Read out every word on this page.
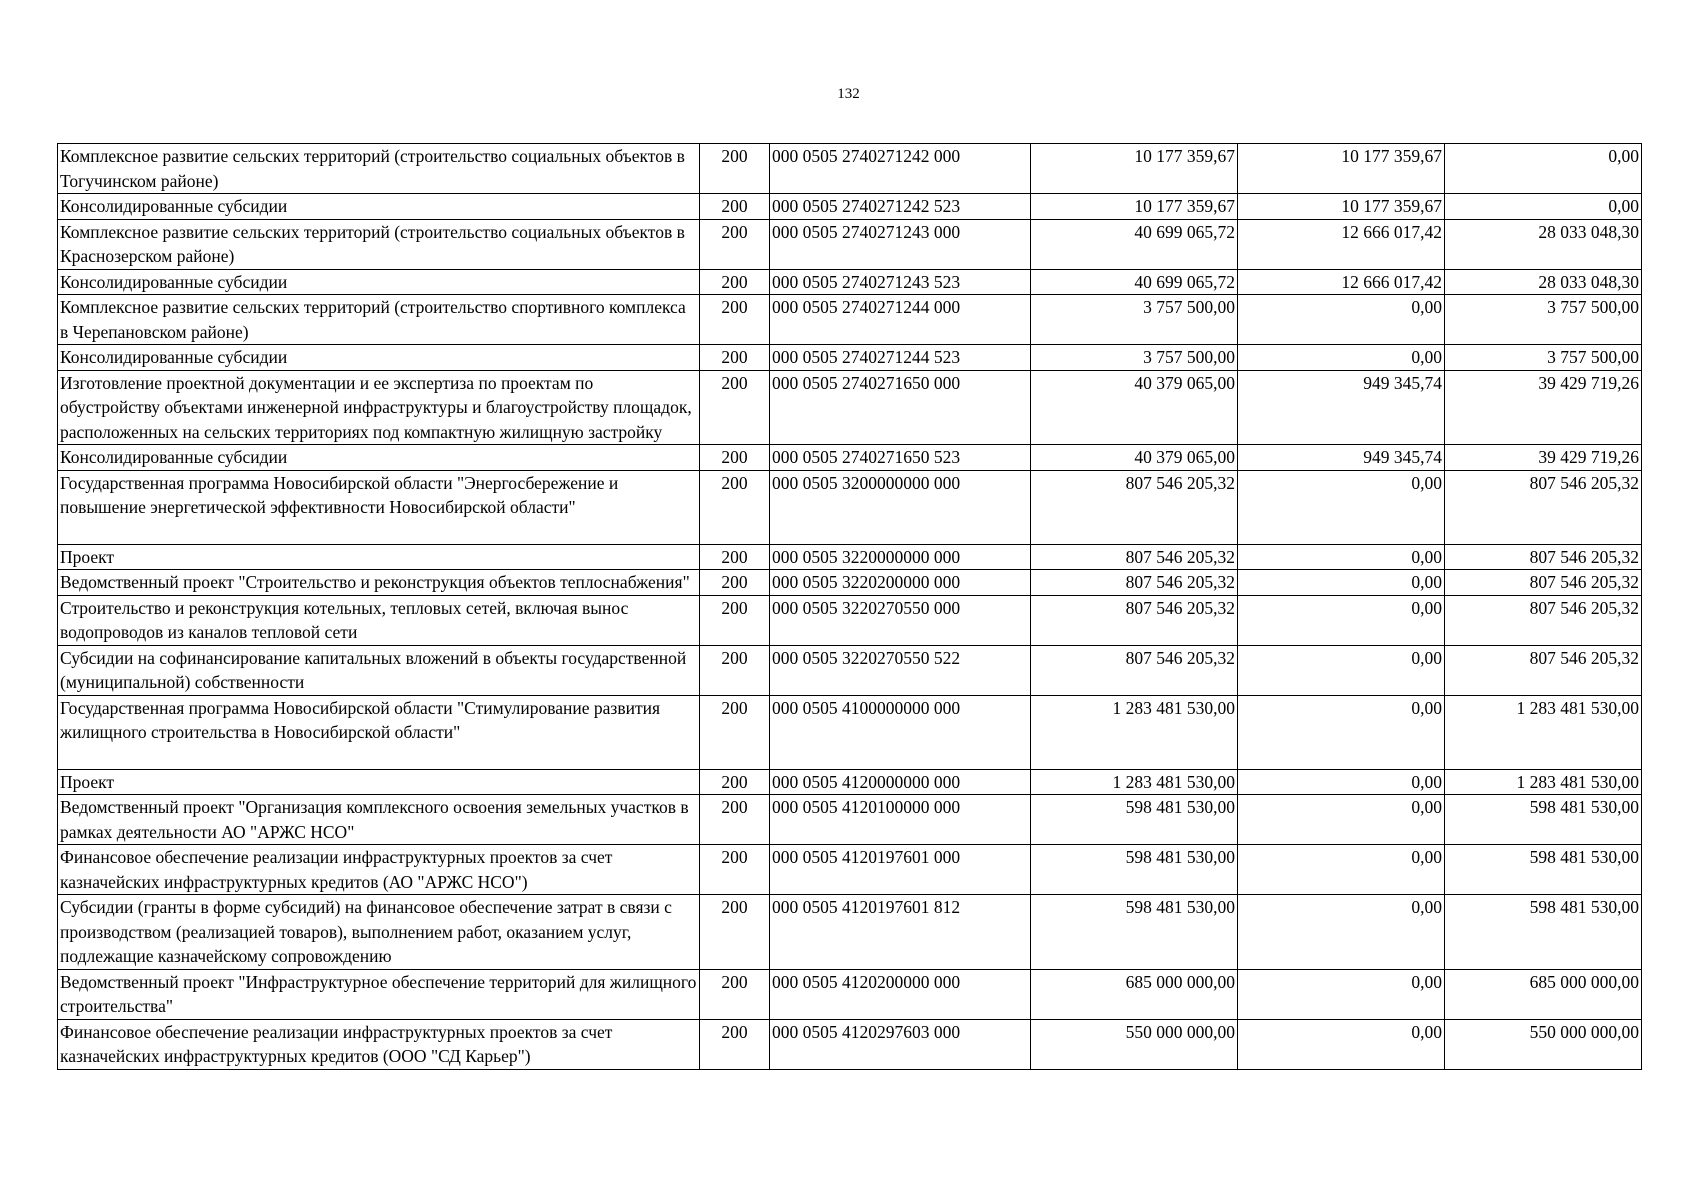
132
Комплексное развитие сельских территорий (строительство социальных объектов в Тогучинском районе)	200	000 0505 2740271242 000	10 177 359,67	10 177 359,67	0,00
Консолидированные субсидии	200	000 0505 2740271242 523	10 177 359,67	10 177 359,67	0,00
Комплексное развитие сельских территорий (строительство социальных объектов в Краснозерском районе)	200	000 0505 2740271243 000	40 699 065,72	12 666 017,42	28 033 048,30
Консолидированные субсидии	200	000 0505 2740271243 523	40 699 065,72	12 666 017,42	28 033 048,30
Комплексное развитие сельских территорий (строительство спортивного комплекса в Черепановском районе)	200	000 0505 2740271244 000	3 757 500,00	0,00	3 757 500,00
Консолидированные субсидии	200	000 0505 2740271244 523	3 757 500,00	0,00	3 757 500,00
Изготовление проектной документации и ее экспертиза по проектам по обустройству объектами инженерной инфраструктуры и благоустройству площадок, расположенных на сельских территориях под компактную жилищную застройку	200	000 0505 2740271650 000	40 379 065,00	949 345,74	39 429 719,26
Консолидированные субсидии	200	000 0505 2740271650 523	40 379 065,00	949 345,74	39 429 719,26
Государственная программа Новосибирской области "Энергосбережение и повышение энергетической эффективности Новосибирской области"	200	000 0505 3200000000 000	807 546 205,32	0,00	807 546 205,32
Проект	200	000 0505 3220000000 000	807 546 205,32	0,00	807 546 205,32
Ведомственный проект "Строительство и реконструкция объектов теплоснабжения"	200	000 0505 3220200000 000	807 546 205,32	0,00	807 546 205,32
Строительство и реконструкция котельных, тепловых сетей, включая вынос водопроводов из каналов тепловой сети	200	000 0505 3220270550 000	807 546 205,32	0,00	807 546 205,32
Субсидии на софинансирование капитальных вложений в объекты государственной (муниципальной) собственности	200	000 0505 3220270550 522	807 546 205,32	0,00	807 546 205,32
Государственная программа Новосибирской области "Стимулирование развития жилищного строительства в Новосибирской области"	200	000 0505 4100000000 000	1 283 481 530,00	0,00	1 283 481 530,00
Проект	200	000 0505 4120000000 000	1 283 481 530,00	0,00	1 283 481 530,00
Ведомственный проект "Организация комплексного освоения земельных участков в рамках деятельности АО "АРЖС НСО"	200	000 0505 4120100000 000	598 481 530,00	0,00	598 481 530,00
Финансовое обеспечение реализации инфраструктурных проектов за счет казначейских инфраструктурных кредитов (АО "АРЖС НСО")	200	000 0505 4120197601 000	598 481 530,00	0,00	598 481 530,00
Субсидии (гранты в форме субсидий) на финансовое обеспечение затрат в связи с производством (реализацией товаров), выполнением работ, оказанием услуг, подлежащие казначейскому сопровождению	200	000 0505 4120197601 812	598 481 530,00	0,00	598 481 530,00
Ведомственный проект "Инфраструктурное обеспечение территорий для жилищного строительства"	200	000 0505 4120200000 000	685 000 000,00	0,00	685 000 000,00
Финансовое обеспечение реализации инфраструктурных проектов за счет казначейских инфраструктурных кредитов (ООО "СД Карьер")	200	000 0505 4120297603 000	550 000 000,00	0,00	550 000 000,00
